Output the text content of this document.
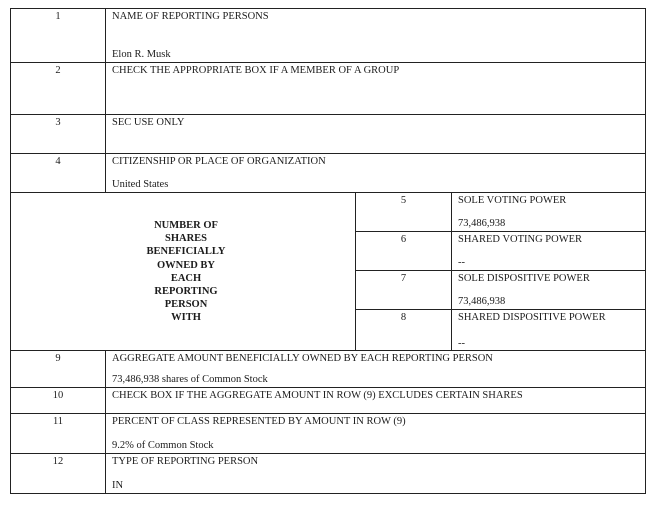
1	NAME OF REPORTING PERSONS
Elon R. Musk
2	CHECK THE APPROPRIATE BOX IF A MEMBER OF A GROUP
3	SEC USE ONLY
4	CITIZENSHIP OR PLACE OF ORGANIZATION
United States
NUMBER OF
SHARES
BENEFICIALLY
OWNED BY
EACH
REPORTING
PERSON
WITH
5	SOLE VOTING POWER
73,486,938
6	SHARED VOTING POWER
--
7	SOLE DISPOSITIVE POWER
73,486,938
8	SHARED DISPOSITIVE POWER
--
9	AGGREGATE AMOUNT BENEFICIALLY OWNED BY EACH REPORTING PERSON
73,486,938 shares of Common Stock
10	CHECK BOX IF THE AGGREGATE AMOUNT IN ROW (9) EXCLUDES CERTAIN SHARES
11	PERCENT OF CLASS REPRESENTED BY AMOUNT IN ROW (9)
9.2% of Common Stock
12	TYPE OF REPORTING PERSON
IN
